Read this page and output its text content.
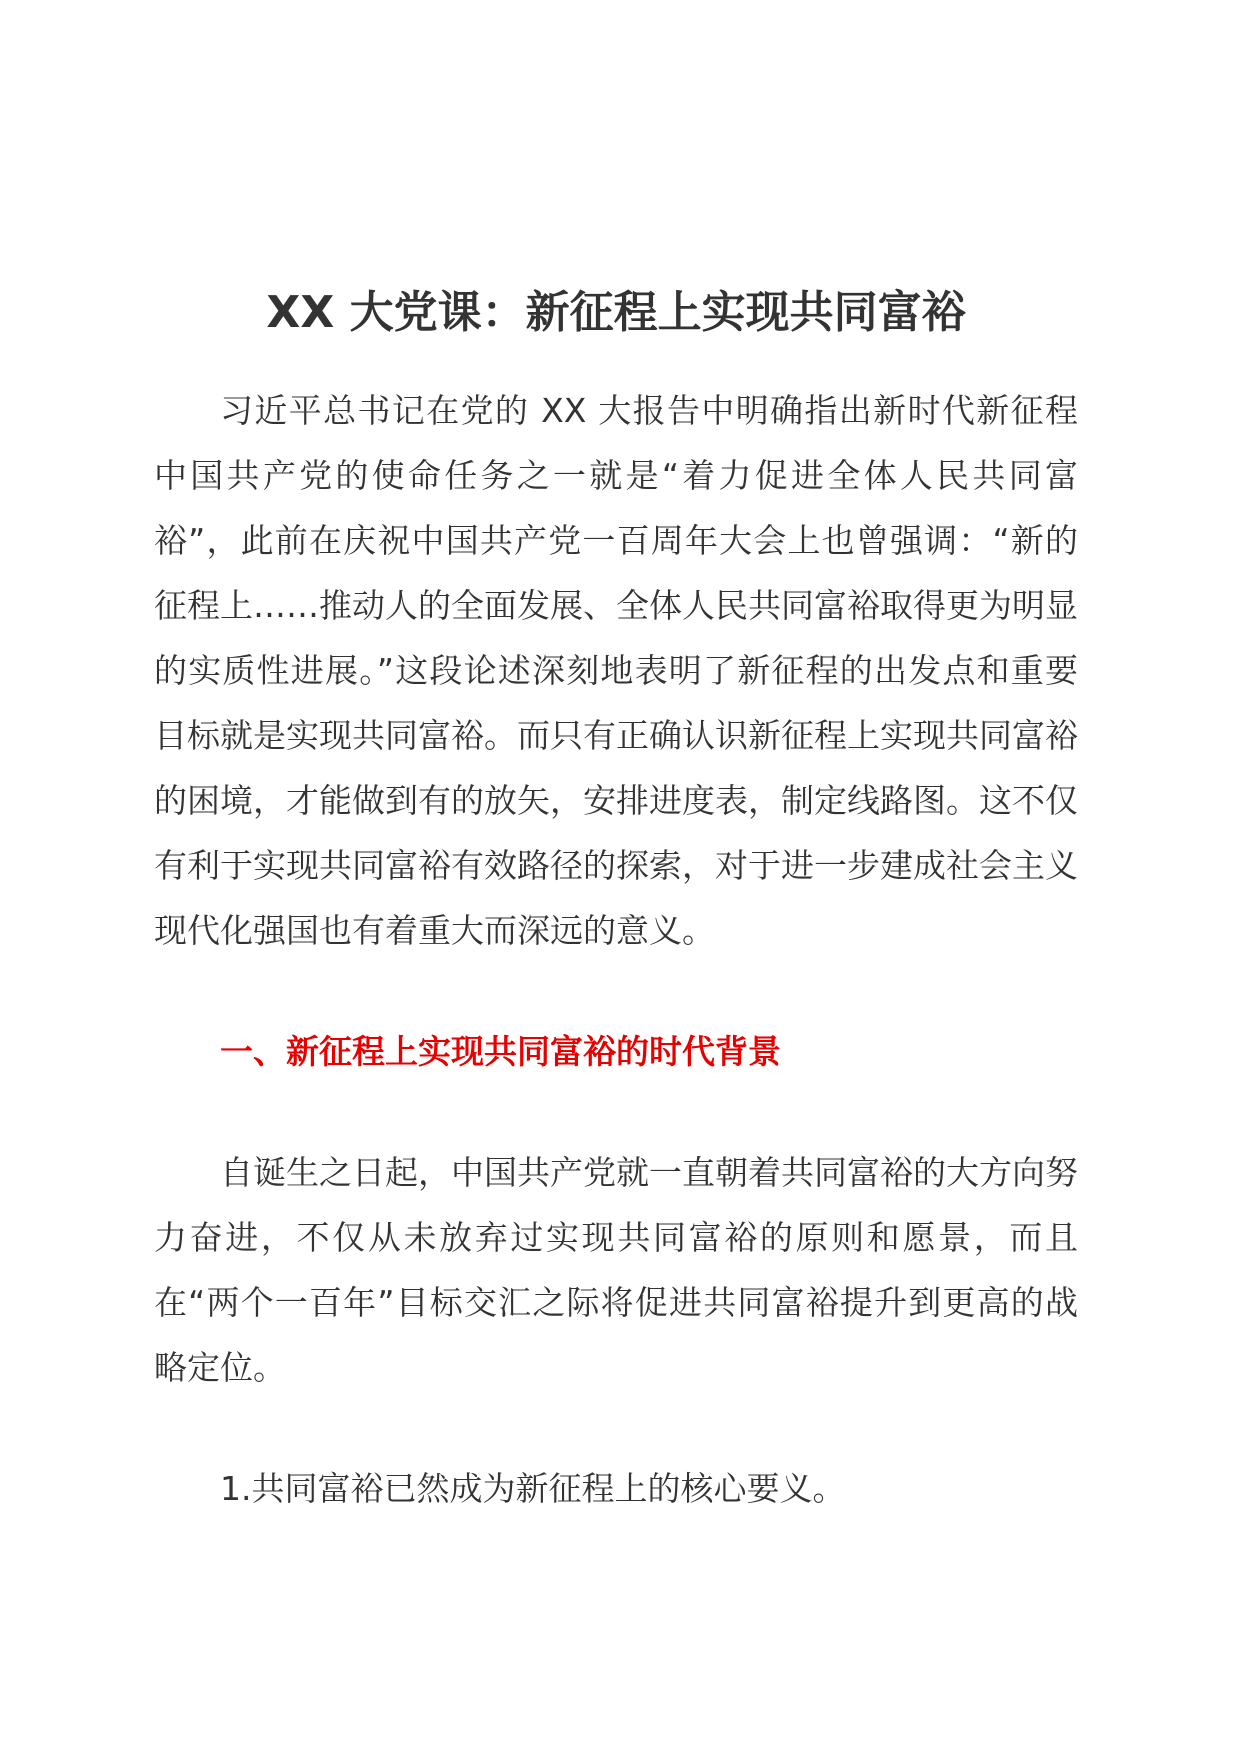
XX 大党课：新征程上实现共同富裕

习近平总书记在党的 XX 大报告中明确指出新时代新征程中国共产党的使命任务之一就是“着力促进全体人民共同富裕”，此前在庆祝中国共产党一百周年大会上也曾强调：“新的征程上……推动人的全面发展、全体人民共同富裕取得更为明显的实质性进展。”这段论述深刻地表明了新征程的出发点和重要目标就是实现共同富裕。而只有正确认识新征程上实现共同富裕的困境，才能做到有的放矢，安排进度表，制定线路图。这不仅有利于实现共同富裕有效路径的探索，对于进一步建成社会主义现代化强国也有着重大而深远的意义。

一、新征程上实现共同富裕的时代背景

自诞生之日起，中国共产党就一直朝着共同富裕的大方向努力奋进，不仅从未放弃过实现共同富裕的原则和愿景，而且在“两个一百年”目标交汇之际将促进共同富裕提升到更高的战略定位。

1.共同富裕已然成为新征程上的核心要义。
